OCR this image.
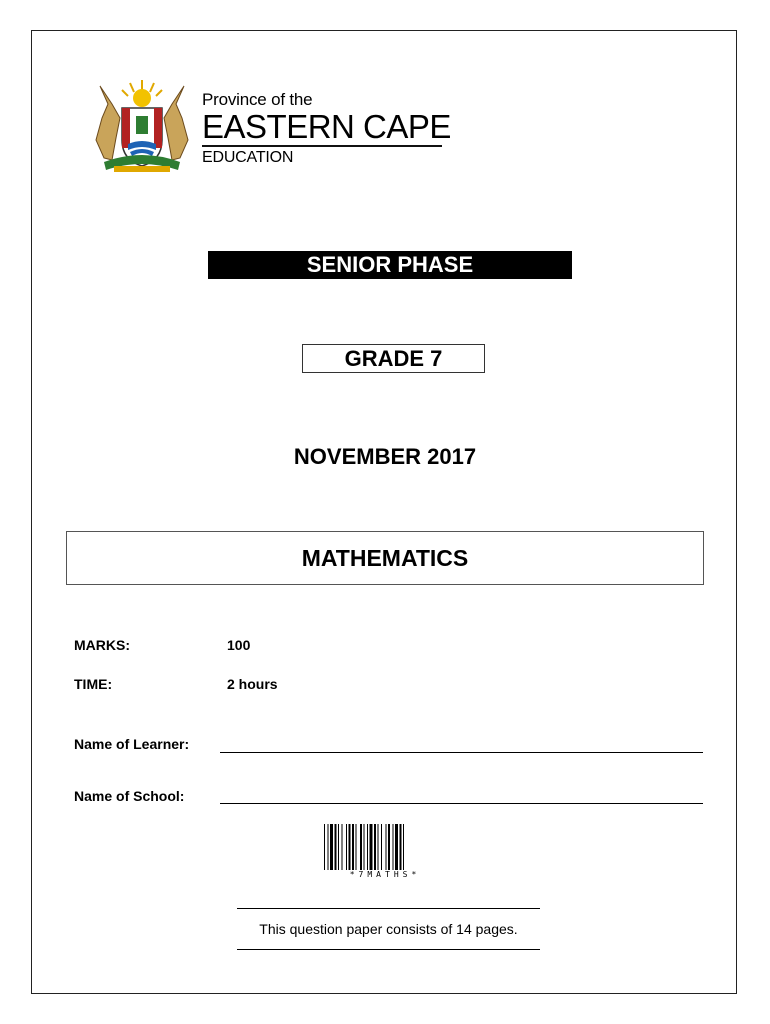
Province of the
EASTERN CAPE
EDUCATION
SENIOR PHASE
GRADE 7
NOVEMBER 2017
MATHEMATICS
MARKS:	100
TIME:	2 hours
Name of Learner:
Name of School:
*7MATHS*
This question paper consists of 14 pages.
